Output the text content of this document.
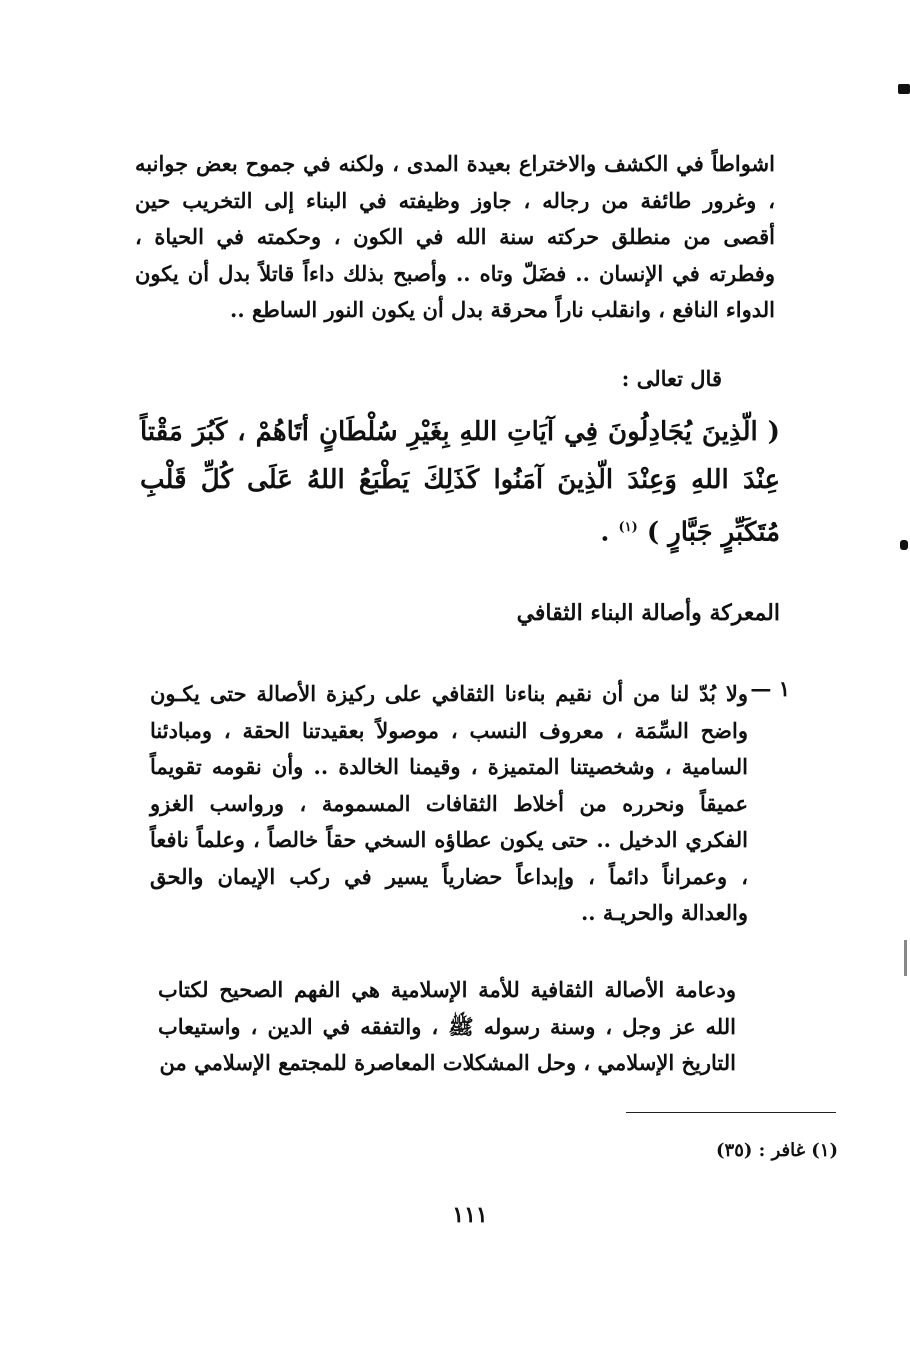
اشواطاً في الكشف والاختراع بعيدة المدى ، ولكنه في جموح بعض جوانبه ، وغرور طائفة من رجاله ، جاوز وظيفته في البناء إلى التخريب حين أقصى من منطلق حركته سنة الله في الكون ، وحكمته في الحياة ، وفطرته في الإنسان .. فضَلّ وتاه .. وأصبح بذلك داءاً قاتلاً بدل أن يكون الدواء النافع ، وانقلب ناراً محرقة بدل أن يكون النور الساطع ..
قال تعالى :
( الّذِينَ يُجَادِلُونَ فِي آيَاتِ اللهِ بِغَيْرِ سُلْطَانٍ أتَاهُمْ ، كَبُرَ مَقْتاً عِنْدَ اللهِ وَعِنْدَ الّذِينَ آمَنُوا كَذَلِكَ يَطْبَعُ اللهُ عَلَى كُلِّ قَلْبِ مُتَكَبِّرٍ جَبَّارٍ ) $^{(١)}$ .
المعركة وأصالة البناء الثقافي
١ —
ولا بُدّ لنا من أن نقيم بناءنا الثقافي على ركيزة الأصالة حتى يكـون واضح السِّمَة ، معروف النسب ، موصولاً بعقيدتنا الحقة ، ومبادئنا السامية ، وشخصيتنا المتميزة ، وقيمنا الخالدة .. وأن نقومه تقويماً عميقاً ونحرره من أخلاط الثقافات المسمومة ، ورواسب الغزو الفكري الدخيل .. حتى يكون عطاؤه السخي حقاً خالصاً ، وعلماً نافعاً ، وعمراناً دائماً ، وإبداعاً حضارياً يسير في ركب الإيمان والحق والعدالة والحريـة ..
ودعامة الأصالة الثقافية للأمة الإسلامية هي الفهم الصحيح لكتاب الله عز وجل ، وسنة رسوله ﷺ ، والتفقه في الدين ، واستيعاب التاريخ الإسلامي ، وحل المشكلات المعاصرة للمجتمع الإسلامي من
(١) غافر : (٣٥)
١١١
